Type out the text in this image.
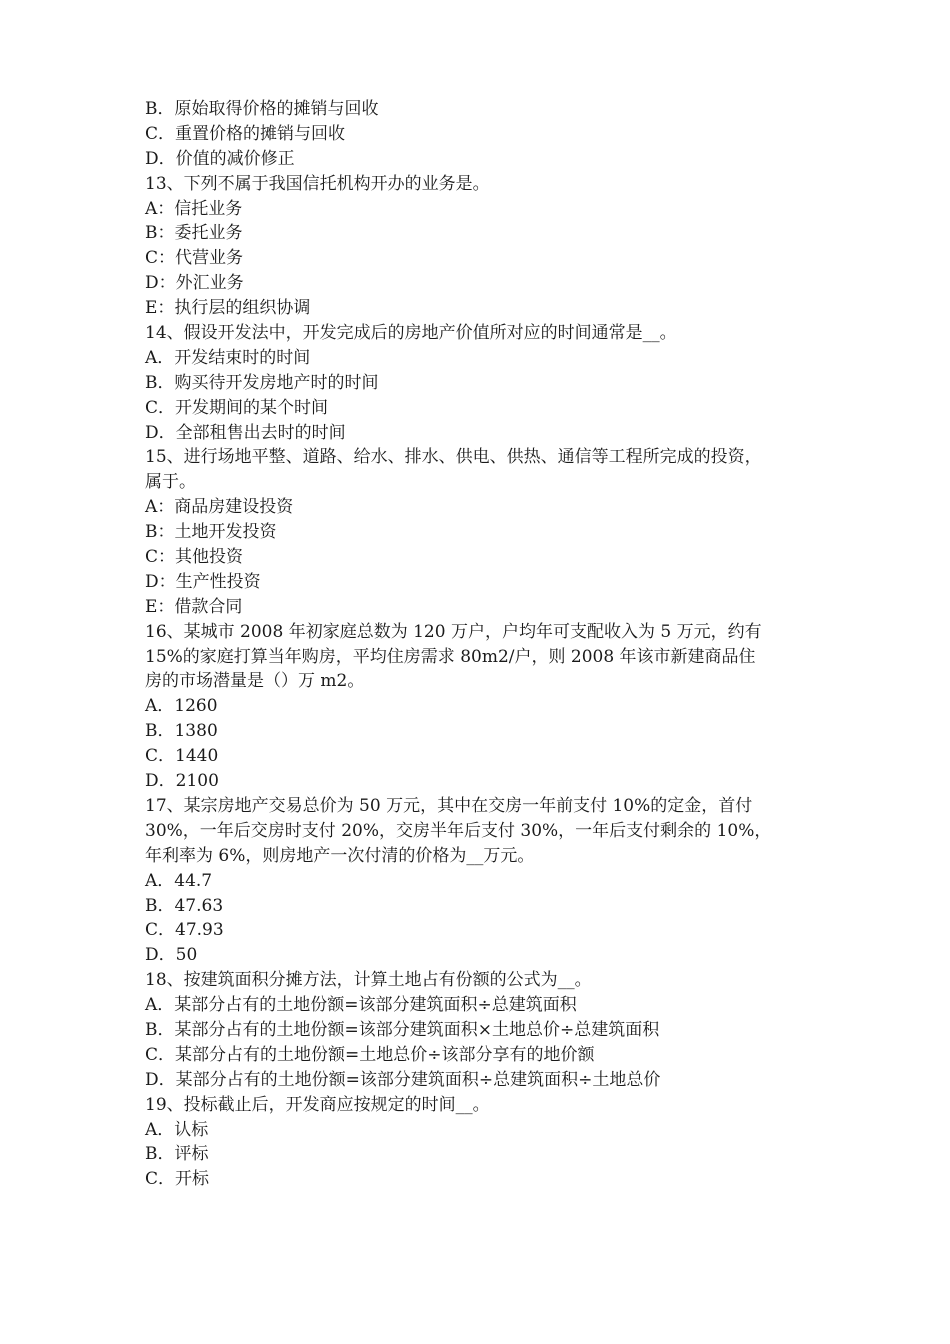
B．原始取得价格的摊销与回收
C．重置价格的摊销与回收
D．价值的减价修正
13、下列不属于我国信托机构开办的业务是。
A：信托业务
B：委托业务
C：代营业务
D：外汇业务
E：执行层的组织协调
14、假设开发法中，开发完成后的房地产价值所对应的时间通常是__。
A．开发结束时的时间
B．购买待开发房地产时的时间
C．开发期间的某个时间
D．全部租售出去时的时间
15、进行场地平整、道路、给水、排水、供电、供热、通信等工程所完成的投资，
属于。
A：商品房建设投资
B：土地开发投资
C：其他投资
D：生产性投资
E：借款合同
16、某城市 2008 年初家庭总数为 120 万户，户均年可支配收入为 5 万元，约有
15%的家庭打算当年购房，平均住房需求 80m2/户，则 2008 年该市新建商品住
房的市场潜量是（）万 m2。
A．1260
B．1380
C．1440
D．2100
17、某宗房地产交易总价为 50 万元，其中在交房一年前支付 10%的定金，首付
30%，一年后交房时支付 20%，交房半年后支付 30%，一年后支付剩余的 10%，
年利率为 6%，则房地产一次付清的价格为__万元。
A．44.7
B．47.63
C．47.93
D．50
18、按建筑面积分摊方法，计算土地占有份额的公式为__。
A．某部分占有的土地份额=该部分建筑面积÷总建筑面积
B．某部分占有的土地份额=该部分建筑面积×土地总价÷总建筑面积
C．某部分占有的土地份额=土地总价÷该部分享有的地价额
D．某部分占有的土地份额=该部分建筑面积÷总建筑面积÷土地总价
19、投标截止后，开发商应按规定的时间__。
A．认标
B．评标
C．开标
